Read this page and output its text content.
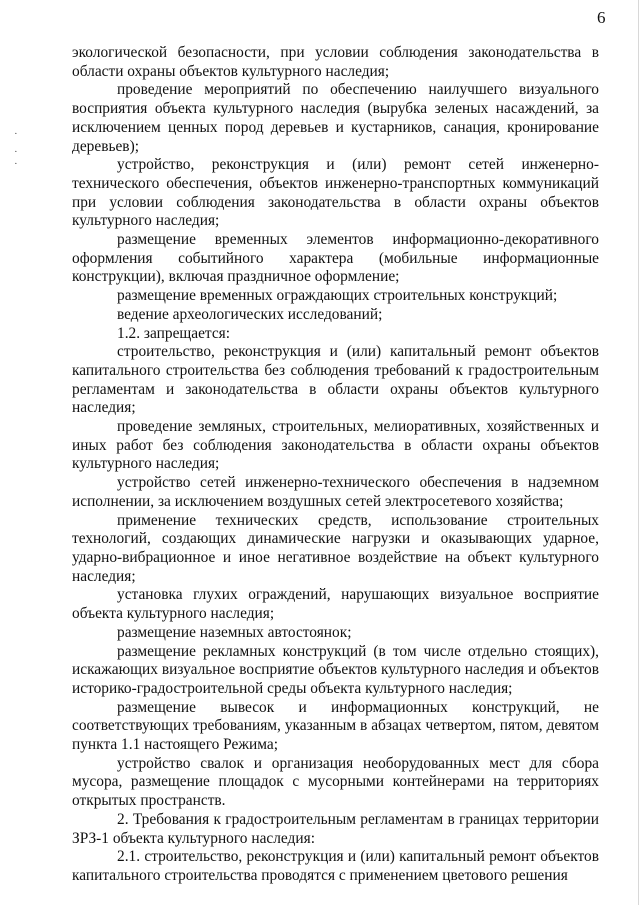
6
·
·
·

экологической безопасности, при условии соблюдения законодательства в области охраны объектов культурного наследия;

проведение мероприятий по обеспечению наилучшего визуального восприятия объекта культурного наследия (вырубка зеленых насаждений, за исключением ценных пород деревьев и кустарников, санация, кронирование деревьев);

устройство, реконструкция и (или) ремонт сетей инженерно-технического обеспечения, объектов инженерно-транспортных коммуникаций при условии соблюдения законодательства в области охраны объектов культурного наследия;

размещение временных элементов информационно-декоративного оформления событийного характера (мобильные информационные конструкции), включая праздничное оформление;

размещение временных ограждающих строительных конструкций;

ведение археологических исследований;

1.2. запрещается:

строительство, реконструкция и (или) капитальный ремонт объектов капитального строительства без соблюдения требований к градостроительным регламентам и законодательства в области охраны объектов культурного наследия;

проведение земляных, строительных, мелиоративных, хозяйственных и иных работ без соблюдения законодательства в области охраны объектов культурного наследия;

устройство сетей инженерно-технического обеспечения в надземном исполнении, за исключением воздушных сетей электросетевого хозяйства;

применение технических средств, использование строительных технологий, создающих динамические нагрузки и оказывающих ударное, ударно-вибрационное и иное негативное воздействие на объект культурного наследия;

установка глухих ограждений, нарушающих визуальное восприятие объекта культурного наследия;

размещение наземных автостоянок;

размещение рекламных конструкций (в том числе отдельно стоящих), искажающих визуальное восприятие объектов культурного наследия и объектов историко-градостроительной среды объекта культурного наследия;

размещение вывесок и информационных конструкций, не соответствующих требованиям, указанным в абзацах четвертом, пятом, девятом пункта 1.1 настоящего Режима;

устройство свалок и организация необорудованных мест для сбора мусора, размещение площадок с мусорными контейнерами на территориях открытых пространств.

2. Требования к градостроительным регламентам в границах территории ЗРЗ-1 объекта культурного наследия:

2.1. строительство, реконструкция и (или) капитальный ремонт объектов капитального строительства проводятся с применением цветового решения
